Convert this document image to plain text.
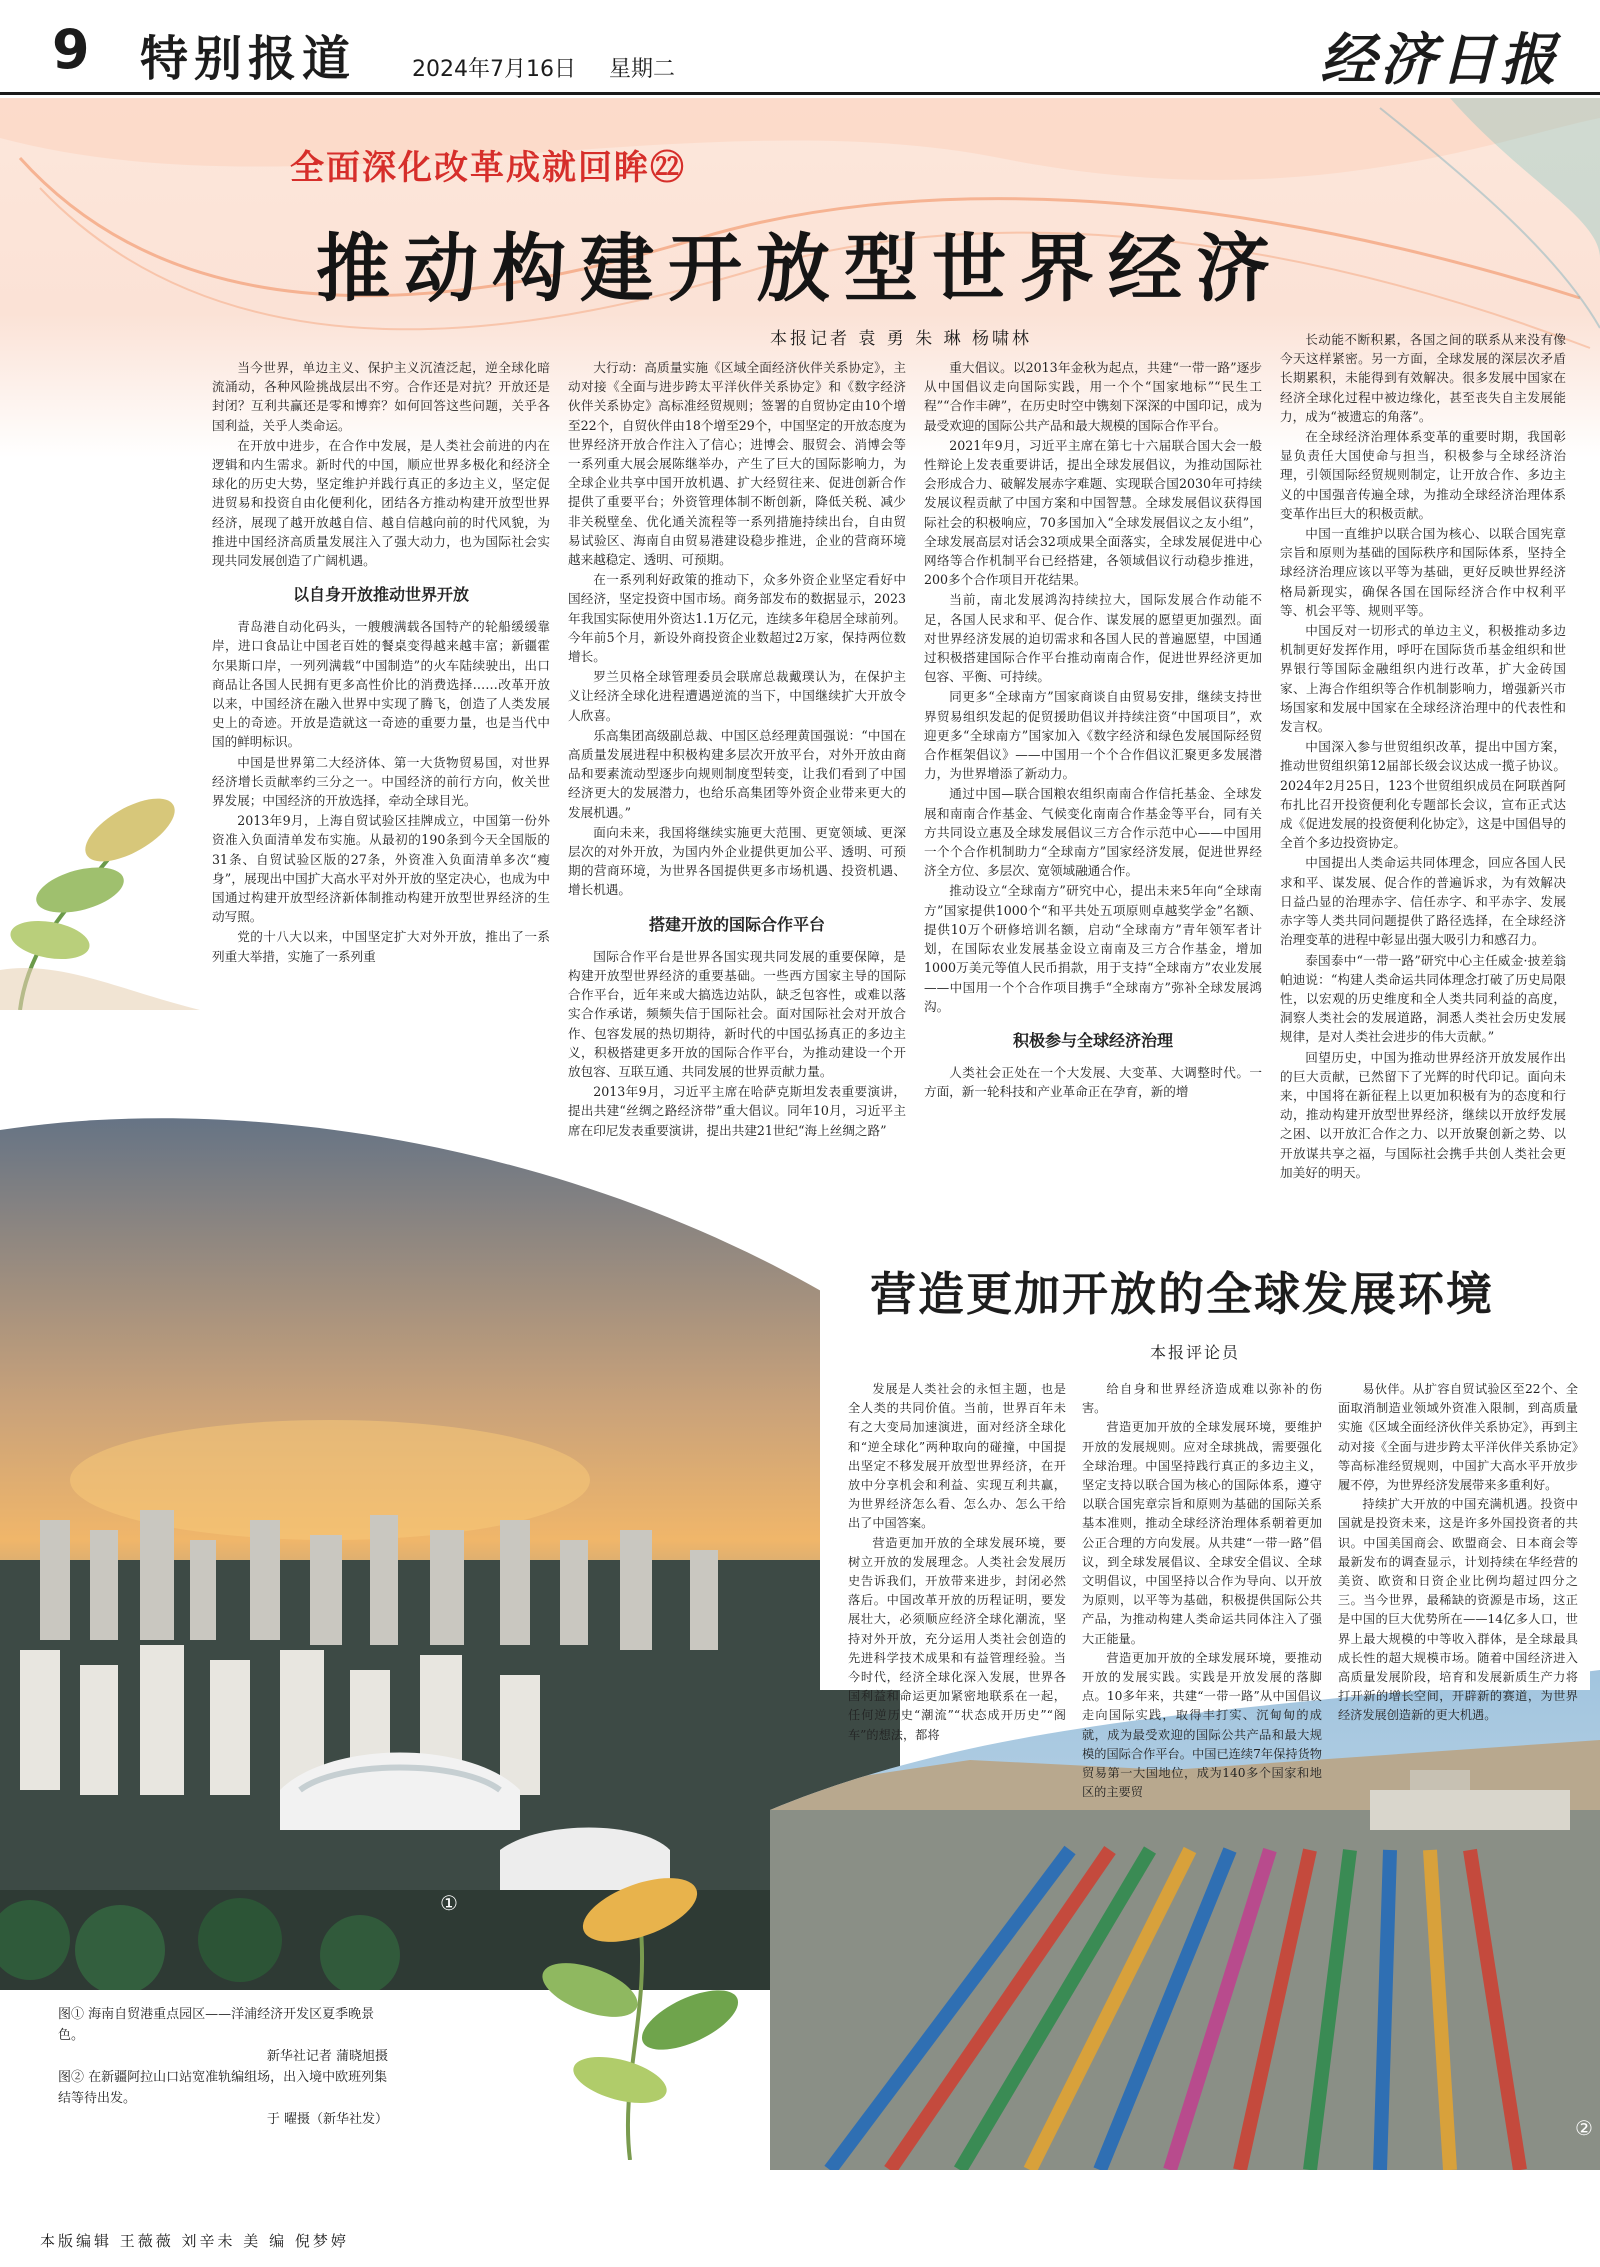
9 特别报道	2024年7月16日 星期二	经济日报
全面深化改革成就回眸㉒
推动构建开放型世界经济
本报记者 袁 勇 朱 琳 杨啸林

当今世界，单边主义、保护主义沉渣泛起，逆全球化暗流涌动，各种风险挑战层出不穷。合作还是对抗？开放还是封闭？互利共赢还是零和博弈？如何回答这些问题，关乎各国利益，关乎人类命运。

在开放中进步，在合作中发展，是人类社会前进的内在逻辑和内生需求。新时代的中国，顺应世界多极化和经济全球化的历史大势，坚定维护并践行真正的多边主义，坚定促进贸易和投资自由化便利化，团结各方推动构建开放型世界经济，展现了越开放越自信、越自信越向前的时代风貌，为推进中国经济高质量发展注入了强大动力，也为国际社会实现共同发展创造了广阔机遇。

以自身开放推动世界开放

青岛港自动化码头，一艘艘满载各国特产的轮船缓缓靠岸，进口食品让中国老百姓的餐桌变得越来越丰富；新疆霍尔果斯口岸，一列列满载“中国制造”的火车陆续驶出，出口商品让各国人民拥有更多高性价比的消费选择……改革开放以来，中国经济在融入世界中实现了腾飞，创造了人类发展史上的奇迹。开放是造就这一奇迹的重要力量，也是当代中国的鲜明标识。

中国是世界第二大经济体、第一大货物贸易国，对世界经济增长贡献率约三分之一。中国经济的前行方向，攸关世界发展；中国经济的开放选择，牵动全球目光。

2013年9月，上海自贸试验区挂牌成立，中国第一份外资准入负面清单发布实施。从最初的190条到今天全国版的31条、自贸试验区版的27条，外资准入负面清单多次“瘦身”，展现出中国扩大高水平对外开放的坚定决心，也成为中国通过构建开放型经济新体制推动构建开放型世界经济的生动写照。

党的十八大以来，中国坚定扩大对外开放，推出了一系列重大举措，实施了一系列重

大行动：高质量实施《区域全面经济伙伴关系协定》，主动对接《全面与进步跨太平洋伙伴关系协定》和《数字经济伙伴关系协定》高标准经贸规则；签署的自贸协定由10个增至22个，自贸伙伴由18个增至29个，中国坚定的开放态度为世界经济开放合作注入了信心；进博会、服贸会、消博会等一系列重大展会展陈继举办，产生了巨大的国际影响力，为全球企业共享中国开放机遇、扩大经贸往来、促进创新合作提供了重要平台；外资管理体制不断创新，降低关税、减少非关税壁垒、优化通关流程等一系列措施持续出台，自由贸易试验区、海南自由贸易港建设稳步推进，企业的营商环境越来越稳定、透明、可预期。

在一系列利好政策的推动下，众多外资企业坚定看好中国经济，坚定投资中国市场。商务部发布的数据显示，2023年我国实际使用外资达1.1万亿元，连续多年稳居全球前列。今年前5个月，新设外商投资企业数超过2万家，保持两位数增长。

罗兰贝格全球管理委员会联席总裁戴璞认为，在保护主义让经济全球化进程遭遇逆流的当下，中国继续扩大开放令人欣喜。

乐高集团高级副总裁、中国区总经理黄国强说：“中国在高质量发展进程中积极构建多层次开放平台，对外开放由商品和要素流动型逐步向规则制度型转变，让我们看到了中国经济更大的发展潜力，也给乐高集团等外资企业带来更大的发展机遇。”

面向未来，我国将继续实施更大范围、更宽领域、更深层次的对外开放，为国内外企业提供更加公平、透明、可预期的营商环境，为世界各国提供更多市场机遇、投资机遇、增长机遇。

搭建开放的国际合作平台

国际合作平台是世界各国实现共同发展的重要保障，是构建开放型世界经济的重要基础。一些西方国家主导的国际合作平台，近年来或大搞选边站队，缺乏包容性，或难以落实合作承诺，频频失信于国际社会。面对国际社会对开放合作、包容发展的热切期待，新时代的中国弘扬真正的多边主义，积极搭建更多开放的国际合作平台，为推动建设一个开放包容、互联互通、共同发展的世界贡献力量。

2013年9月，习近平主席在哈萨克斯坦发表重要演讲，提出共建“丝绸之路经济带”重大倡议。同年10月，习近平主席在印尼发表重要演讲，提出共建21世纪“海上丝绸之路”

重大倡议。以2013年金秋为起点，共建“一带一路”逐步从中国倡议走向国际实践，用一个个“国家地标”“民生工程”“合作丰碑”，在历史时空中镌刻下深深的中国印记，成为最受欢迎的国际公共产品和最大规模的国际合作平台。

2021年9月，习近平主席在第七十六届联合国大会一般性辩论上发表重要讲话，提出全球发展倡议，为推动国际社会形成合力、破解发展赤字难题、实现联合国2030年可持续发展议程贡献了中国方案和中国智慧。全球发展倡议获得国际社会的积极响应，70多国加入“全球发展倡议之友小组”，全球发展高层对话会32项成果全面落实，全球发展促进中心网络等合作机制平台已经搭建，各领域倡议行动稳步推进，200多个合作项目开花结果。

当前，南北发展鸿沟持续拉大，国际发展合作动能不足，各国人民求和平、促合作、谋发展的愿望更加强烈。面对世界经济发展的迫切需求和各国人民的普遍愿望，中国通过积极搭建国际合作平台推动南南合作，促进世界经济更加包容、平衡、可持续。

同更多“全球南方”国家商谈自由贸易安排，继续支持世界贸易组织发起的促贸援助倡议并持续注资“中国项目”，欢迎更多“全球南方”国家加入《数字经济和绿色发展国际经贸合作框架倡议》——中国用一个个合作倡议汇聚更多发展潜力，为世界增添了新动力。

通过中国—联合国粮农组织南南合作信托基金、全球发展和南南合作基金、气候变化南南合作基金等平台，同有关方共同设立惠及全球发展倡议三方合作示范中心——中国用一个个合作机制助力“全球南方”国家经济发展，促进世界经济全方位、多层次、宽领域融通合作。

推动设立“全球南方”研究中心，提出未来5年向“全球南方”国家提供1000个“和平共处五项原则卓越奖学金”名额、提供10万个研修培训名额，启动“全球南方”青年领军者计划，在国际农业发展基金设立南南及三方合作基金，增加1000万美元等值人民币捐款，用于支持“全球南方”农业发展——中国用一个个合作项目携手“全球南方”弥补全球发展鸿沟。

积极参与全球经济治理

人类社会正处在一个大发展、大变革、大调整时代。一方面，新一轮科技和产业革命正在孕育，新的增

长动能不断积累，各国之间的联系从来没有像今天这样紧密。另一方面，全球发展的深层次矛盾长期累积，未能得到有效解决。很多发展中国家在经济全球化过程中被边缘化，甚至丧失自主发展能力，成为“被遗忘的角落”。

在全球经济治理体系变革的重要时期，我国彰显负责任大国使命与担当，积极参与全球经济治理，引领国际经贸规则制定，让开放合作、多边主义的中国强音传遍全球，为推动全球经济治理体系变革作出巨大的积极贡献。

中国一直维护以联合国为核心、以联合国宪章宗旨和原则为基础的国际秩序和国际体系，坚持全球经济治理应该以平等为基础，更好反映世界经济格局新现实，确保各国在国际经济合作中权利平等、机会平等、规则平等。

中国反对一切形式的单边主义，积极推动多边机制更好发挥作用，呼吁在国际货币基金组织和世界银行等国际金融组织内进行改革，扩大金砖国家、上海合作组织等合作机制影响力，增强新兴市场国家和发展中国家在全球经济治理中的代表性和发言权。

中国深入参与世贸组织改革，提出中国方案，推动世贸组织第12届部长级会议达成一揽子协议。2024年2月25日，123个世贸组织成员在阿联酋阿布扎比召开投资便利化专题部长会议，宣布正式达成《促进发展的投资便利化协定》，这是中国倡导的全首个多边投资协定。

中国提出人类命运共同体理念，回应各国人民求和平、谋发展、促合作的普遍诉求，为有效解决日益凸显的治理赤字、信任赤字、和平赤字、发展赤字等人类共同问题提供了路径选择，在全球经济治理变革的进程中彰显出强大吸引力和感召力。

泰国泰中“一带一路”研究中心主任威金·披差翁帕迪说：“构建人类命运共同体理念打破了历史局限性，以宏观的历史维度和全人类共同利益的高度，洞察人类社会的发展道路，洞悉人类社会历史发展规律，是对人类社会进步的伟大贡献。”

回望历史，中国为推动世界经济开放发展作出的巨大贡献，已然留下了光辉的时代印记。面向未来，中国将在新征程上以更加积极有为的态度和行动，推动构建开放型世界经济，继续以开放纾发展之困、以开放汇合作之力、以开放聚创新之势、以开放谋共享之福，与国际社会携手共创人类社会更加美好的明天。

①
②
营造更加开放的全球发展环境
本报评论员

发展是人类社会的永恒主题，也是全人类的共同价值。当前，世界百年未有之大变局加速演进，面对经济全球化和“逆全球化”两种取向的碰撞，中国提出坚定不移发展开放型世界经济，在开放中分享机会和利益、实现互利共赢，为世界经济怎么看、怎么办、怎么干给出了中国答案。

营造更加开放的全球发展环境，要树立开放的发展理念。人类社会发展历史告诉我们，开放带来进步，封闭必然落后。中国改革开放的历程证明，要发展壮大，必须顺应经济全球化潮流，坚持对外开放，充分运用人类社会创造的先进科学技术成果和有益管理经验。当今时代，经济全球化深入发展，世界各国利益和命运更加紧密地联系在一起，任何逆历史“潮流”“状态成开历史”“阁车”的想法，都将

给自身和世界经济造成难以弥补的伤害。

营造更加开放的全球发展环境，要维护开放的发展规则。应对全球挑战，需要强化全球治理。中国坚持践行真正的多边主义，坚定支持以联合国为核心的国际体系，遵守以联合国宪章宗旨和原则为基础的国际关系基本准则，推动全球经济治理体系朝着更加公正合理的方向发展。从共建“一带一路”倡议，到全球发展倡议、全球安全倡议、全球文明倡议，中国坚持以合作为导向、以开放为原则，以平等为基础，积极提供国际公共产品，为推动构建人类命运共同体注入了强大正能量。

营造更加开放的全球发展环境，要推动开放的发展实践。实践是开放发展的落脚点。10多年来，共建“一带一路”从中国倡议走向国际实践，取得丰打实、沉甸甸的成就，成为最受欢迎的国际公共产品和最大规模的国际合作平台。中国已连续7年保持货物贸易第一大国地位，成为140多个国家和地区的主要贸

易伙伴。从扩容自贸试验区至22个、全面取消制造业领域外资准入限制，到高质量实施《区域全面经济伙伴关系协定》，再到主动对接《全面与进步跨太平洋伙伴关系协定》等高标准经贸规则，中国扩大高水平开放步履不停，为世界经济发展带来多重利好。

持续扩大开放的中国充满机遇。投资中国就是投资未来，这是许多外国投资者的共识。中国美国商会、欧盟商会、日本商会等最新发布的调查显示，计划持续在华经营的美资、欧资和日资企业比例均超过四分之三。当今世界，最稀缺的资源是市场，这正是中国的巨大优势所在——14亿多人口，世界上最大规模的中等收入群体，是全球最具成长性的超大规模市场。随着中国经济进入高质量发展阶段，培育和发展新质生产力将打开新的增长空间，开辟新的赛道，为世界经济发展创造新的更大机遇。

图① 海南自贸港重点园区——洋浦经济开发区夏季晚景色。
新华社记者 蒲晓旭摄
图② 在新疆阿拉山口站宽准轨编组场，出入境中欧班列集结等待出发。
于 曜摄（新华社发）
本版编辑 王薇薇 刘辛未 美 编 倪梦婷
